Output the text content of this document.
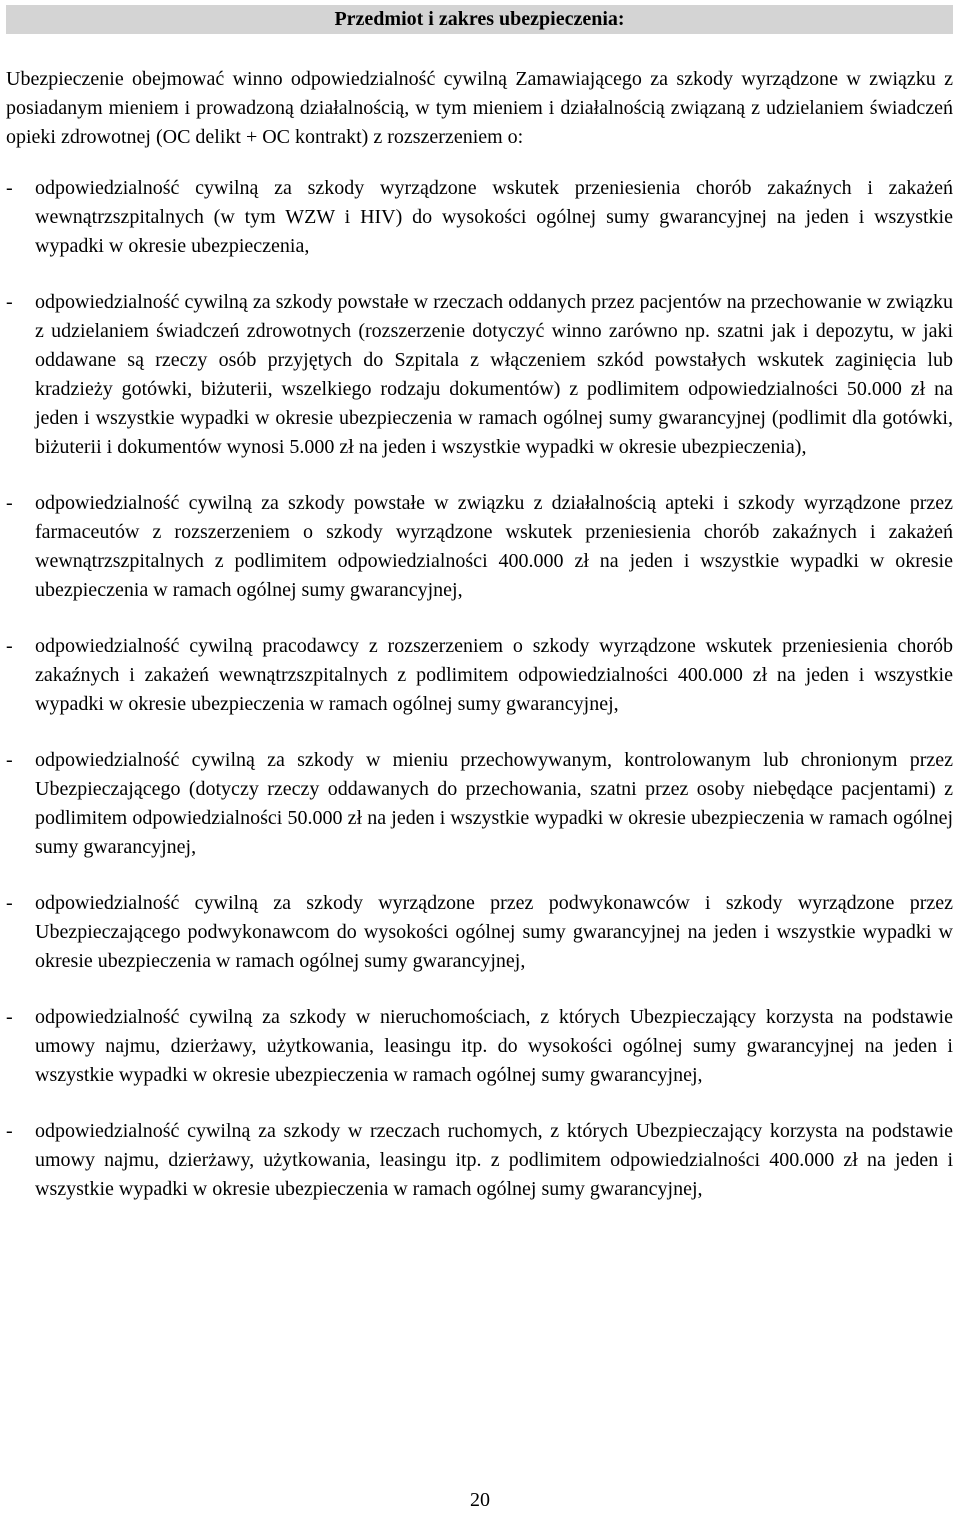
Przedmiot i zakres ubezpieczenia:

Ubezpieczenie obejmować winno odpowiedzialność cywilną Zamawiającego za szkody wyrządzone w związku z posiadanym mieniem i prowadzoną działalnością, w tym mieniem i działalnością związaną z udzielaniem świadczeń opieki zdrowotnej (OC delikt + OC kontrakt) z rozszerzeniem o:

- odpowiedzialność cywilną za szkody wyrządzone wskutek przeniesienia chorób zakaźnych i zakażeń wewnątrzszpitalnych (w tym WZW i HIV) do wysokości ogólnej sumy gwarancyjnej na jeden i wszystkie wypadki w okresie ubezpieczenia,
- odpowiedzialność cywilną za szkody powstałe w rzeczach oddanych przez pacjentów na przechowanie w związku z udzielaniem świadczeń zdrowotnych (rozszerzenie dotyczyć winno zarówno np. szatni jak i depozytu, w jaki oddawane są rzeczy osób przyjętych do Szpitala z włączeniem szkód powstałych wskutek zaginięcia lub kradzieży gotówki, biżuterii, wszelkiego rodzaju dokumentów) z podlimitem odpowiedzialności 50.000 zł na jeden i wszystkie wypadki w okresie ubezpieczenia w ramach ogólnej sumy gwarancyjnej (podlimit dla gotówki, biżuterii i dokumentów wynosi 5.000 zł na jeden i wszystkie wypadki w okresie ubezpieczenia),
- odpowiedzialność cywilną za szkody powstałe w związku z działalnością apteki i szkody wyrządzone przez farmaceutów z rozszerzeniem o szkody wyrządzone wskutek przeniesienia chorób zakaźnych i zakażeń wewnątrzszpitalnych z podlimitem odpowiedzialności 400.000 zł na jeden i wszystkie wypadki w okresie ubezpieczenia w ramach ogólnej sumy gwarancyjnej,
- odpowiedzialność cywilną pracodawcy z rozszerzeniem o szkody wyrządzone wskutek przeniesienia chorób zakaźnych i zakażeń wewnątrzszpitalnych z podlimitem odpowiedzialności 400.000 zł na jeden i wszystkie wypadki w okresie ubezpieczenia w ramach ogólnej sumy gwarancyjnej,
- odpowiedzialność cywilną za szkody w mieniu przechowywanym, kontrolowanym lub chronionym przez Ubezpieczającego (dotyczy rzeczy oddawanych do przechowania, szatni przez osoby niebędące pacjentami) z podlimitem odpowiedzialności 50.000 zł na jeden i wszystkie wypadki w okresie ubezpieczenia w ramach ogólnej sumy gwarancyjnej,
- odpowiedzialność cywilną za szkody wyrządzone przez podwykonawców i szkody wyrządzone przez Ubezpieczającego podwykonawcom do wysokości ogólnej sumy gwarancyjnej na jeden i wszystkie wypadki w okresie ubezpieczenia w ramach ogólnej sumy gwarancyjnej,
- odpowiedzialność cywilną za szkody w nieruchomościach, z których Ubezpieczający korzysta na podstawie umowy najmu, dzierżawy, użytkowania, leasingu itp. do wysokości ogólnej sumy gwarancyjnej na jeden i wszystkie wypadki w okresie ubezpieczenia w ramach ogólnej sumy gwarancyjnej,
- odpowiedzialność cywilną za szkody w rzeczach ruchomych, z których Ubezpieczający korzysta na podstawie umowy najmu, dzierżawy, użytkowania, leasingu itp. z podlimitem odpowiedzialności 400.000 zł na jeden i wszystkie wypadki w okresie ubezpieczenia w ramach ogólnej sumy gwarancyjnej,
20
